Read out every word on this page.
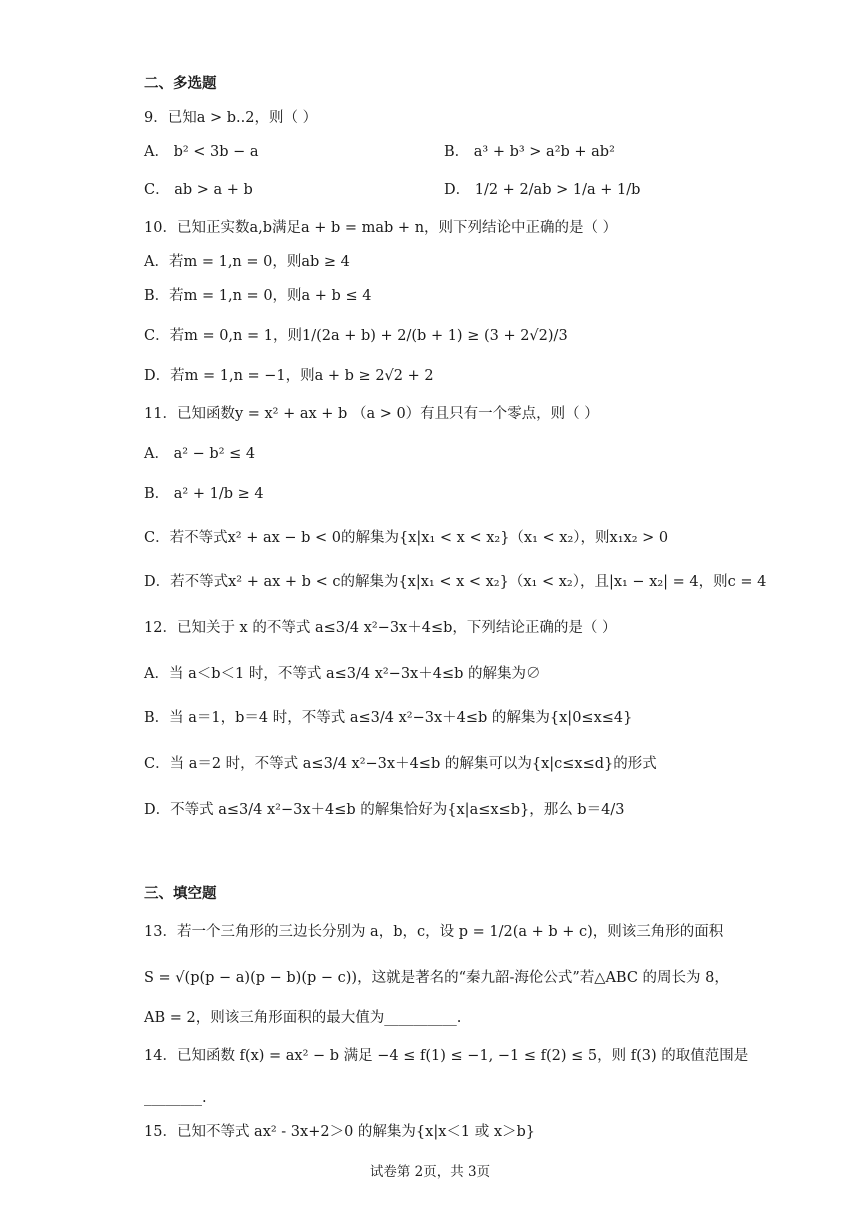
二、多选题
9．已知a > b..2，则（ ）
A． b² < 3b − a	B． a³ + b³ > a²b + ab²
C． ab > a + b	D． 1/2 + 2/ab > 1/a + 1/b
10．已知正实数a,b满足a + b = mab + n，则下列结论中正确的是（ ）
A．若m = 1,n = 0，则ab ≥ 4
B．若m = 1,n = 0，则a + b ≤ 4
C．若m = 0,n = 1，则1/(2a + b) + 2/(b + 1) ≥ (3 + 2√2)/3
D．若m = 1,n = −1，则a + b ≥ 2√2 + 2
11．已知函数y = x² + ax + b （a > 0）有且只有一个零点，则（ ）
A． a² − b² ≤ 4
B． a² + 1/b ≥ 4
C．若不等式x² + ax − b < 0的解集为{x|x₁ < x < x₂}（x₁ < x₂），则x₁x₂ > 0
D．若不等式x² + ax + b < c的解集为{x|x₁ < x < x₂}（x₁ < x₂），且|x₁ − x₂| = 4，则c = 4
12．已知关于 x 的不等式 a≤3/4 x²−3x＋4≤b，下列结论正确的是（ ）
A．当 a＜b＜1 时，不等式 a≤3/4 x²−3x＋4≤b 的解集为∅
B．当 a＝1，b＝4 时，不等式 a≤3/4 x²−3x＋4≤b 的解集为{x|0≤x≤4}
C．当 a＝2 时，不等式 a≤3/4 x²−3x＋4≤b 的解集可以为{x|c≤x≤d}的形式
D．不等式 a≤3/4 x²−3x＋4≤b 的解集恰好为{x|a≤x≤b}，那么 b＝4/3
三、填空题
13．若一个三角形的三边长分别为 a，b，c，设 p = 1/2(a + b + c)，则该三角形的面积
S = √(p(p − a)(p − b)(p − c))，这就是著名的“秦九韶-海伦公式”若△ABC 的周长为 8，
AB = 2，则该三角形面积的最大值为__________.
14．已知函数 f(x) = ax² − b 满足 −4 ≤ f(1) ≤ −1, −1 ≤ f(2) ≤ 5，则 f(3) 的取值范围是
________.
15．已知不等式 ax² - 3x+2＞0 的解集为{x|x＜1 或 x＞b}
试卷第 2页，共 3页
